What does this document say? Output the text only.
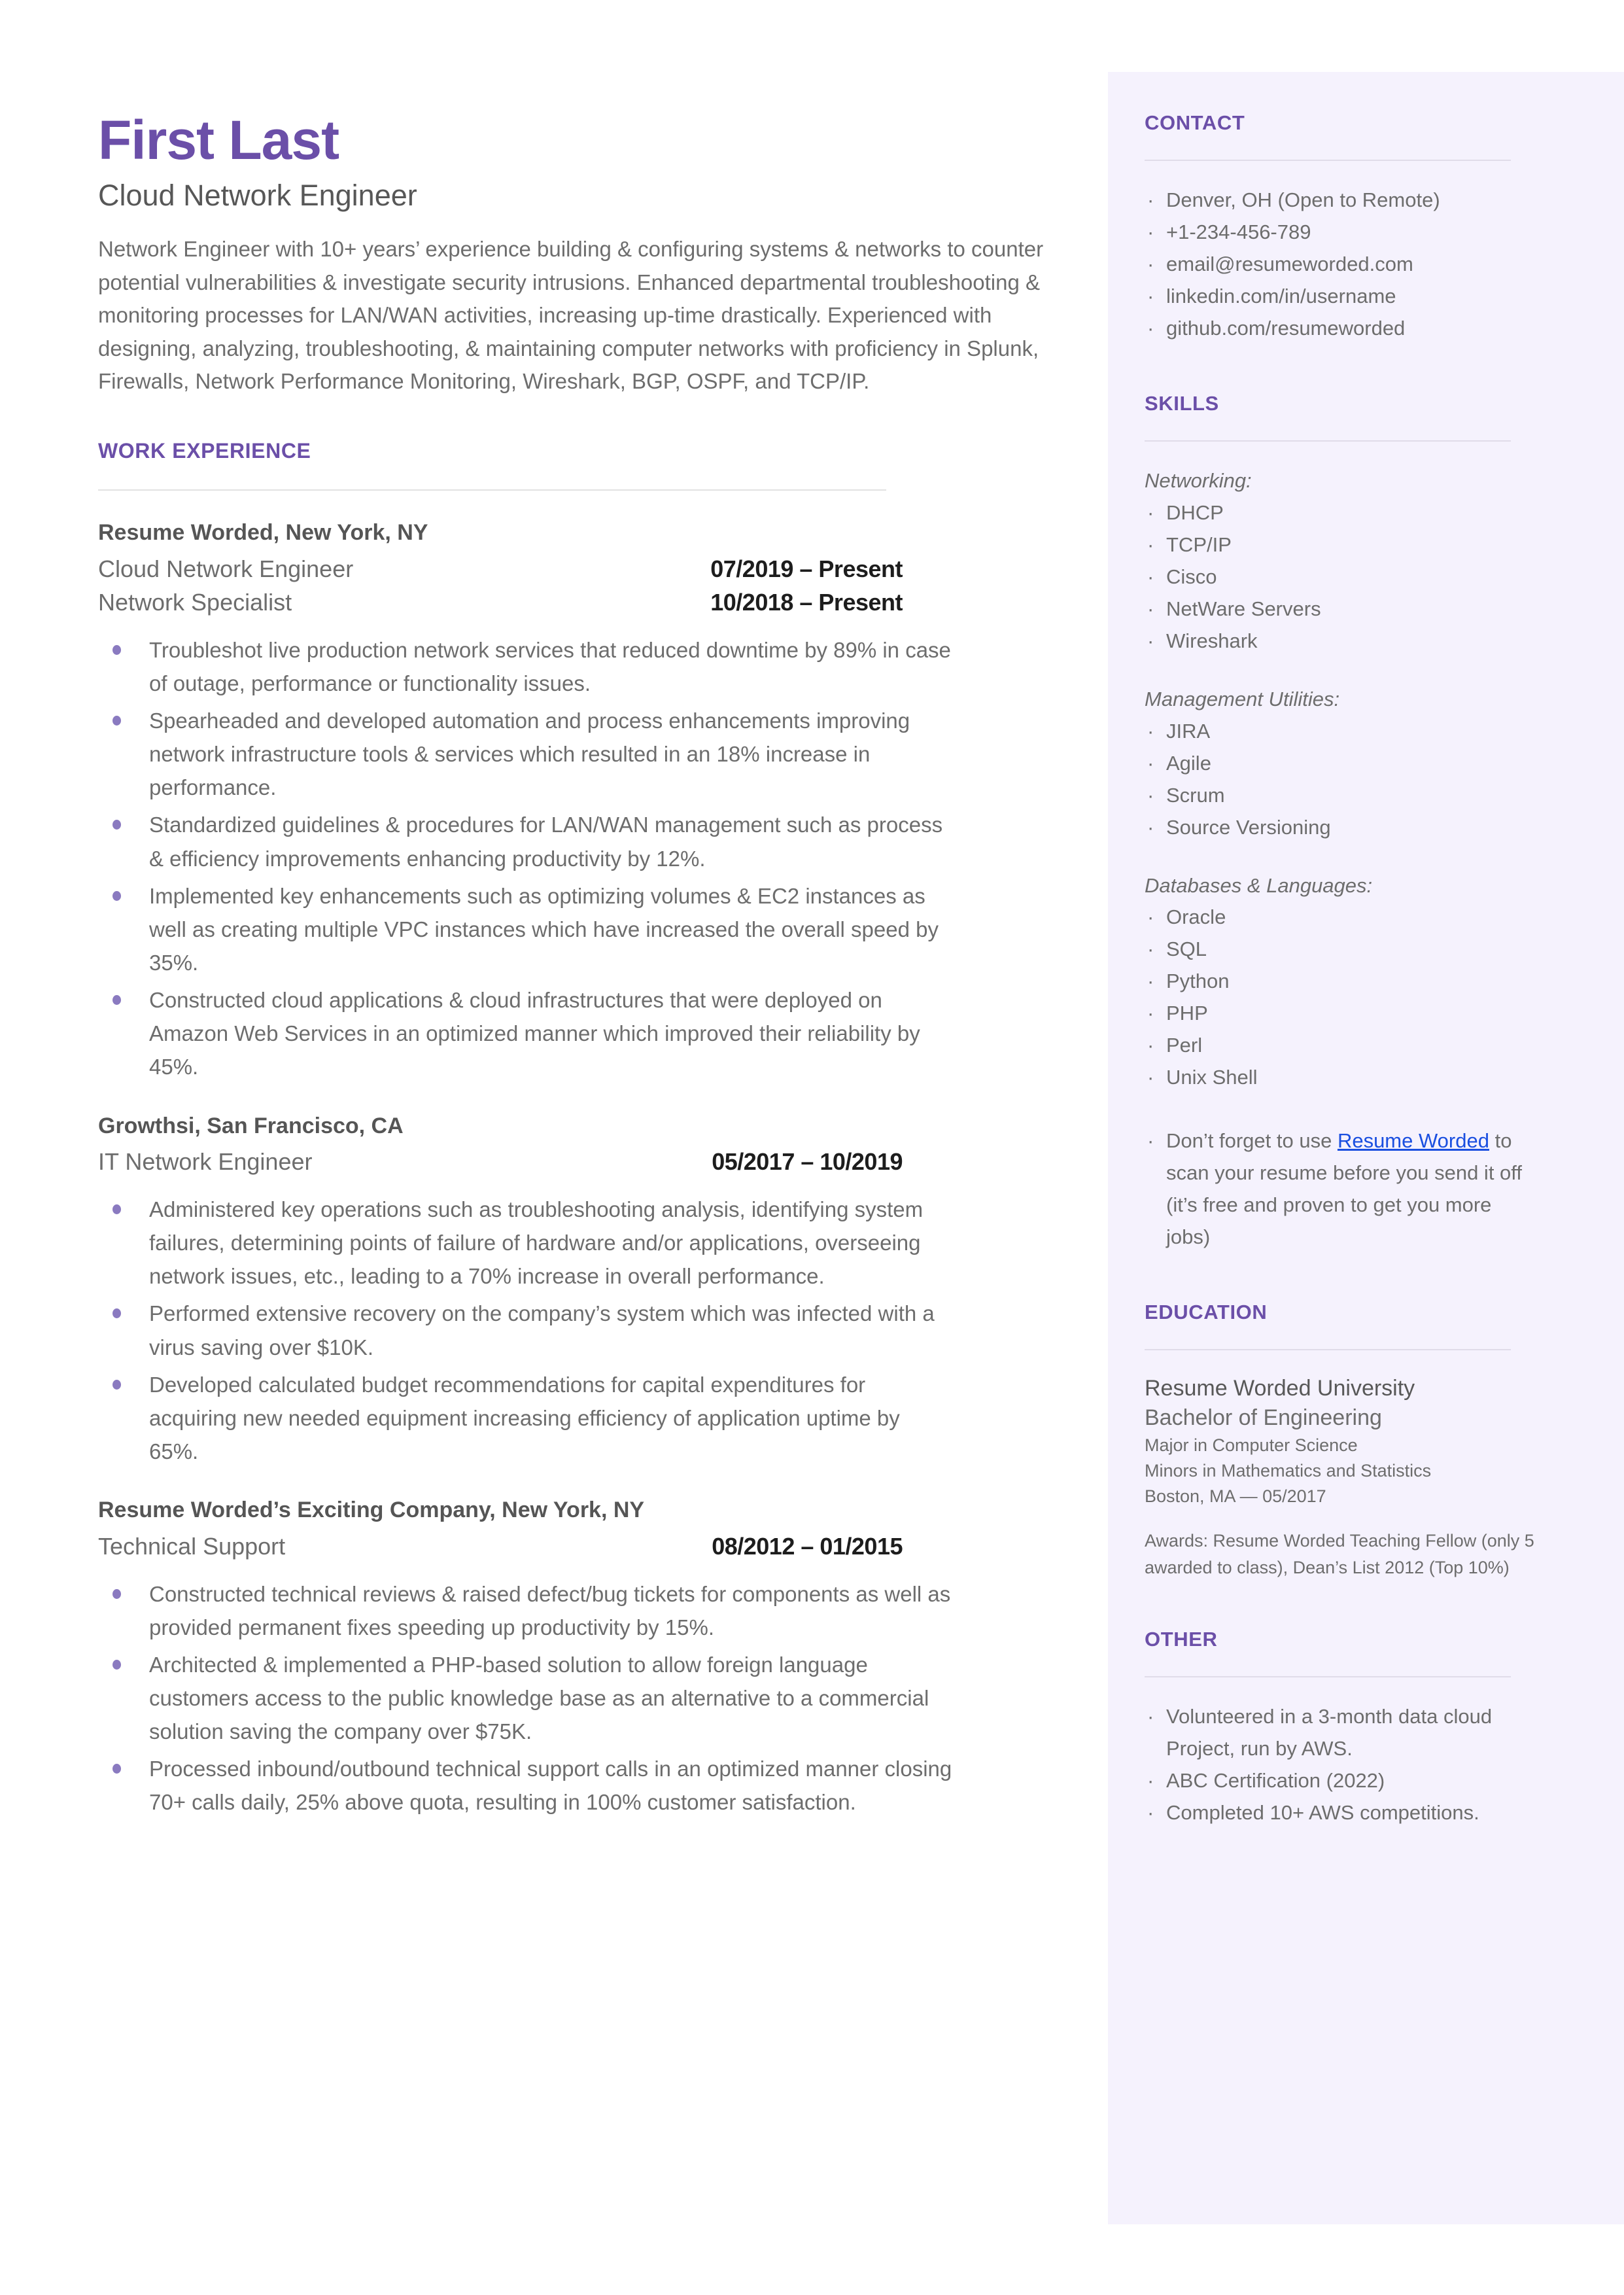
First Last
Cloud Network Engineer

Network Engineer with 10+ years’ experience building & configuring systems & networks to counter potential vulnerabilities & investigate security intrusions. Enhanced departmental troubleshooting & monitoring processes for LAN/WAN activities, increasing up-time drastically. Experienced with designing, analyzing, troubleshooting, & maintaining computer networks with proficiency in Splunk, Firewalls, Network Performance Monitoring, Wireshark, BGP, OSPF, and TCP/IP.

WORK EXPERIENCE
Resume Worded, New York, NY
Cloud Network Engineer	07/2019 – Present
Network Specialist	10/2018 – Present
Troubleshot live production network services that reduced downtime by 89% in case of outage, performance or functionality issues.
Spearheaded and developed automation and process enhancements improving network infrastructure tools & services which resulted in an 18% increase in performance.
Standardized guidelines & procedures for LAN/WAN management such as process & efficiency improvements enhancing productivity by 12%.
Implemented key enhancements such as optimizing volumes & EC2 instances as well as creating multiple VPC instances which have increased the overall speed by 35%.
Constructed cloud applications & cloud infrastructures that were deployed on Amazon Web Services in an optimized manner which improved their reliability by 45%.
Growthsi, San Francisco, CA
IT Network Engineer	05/2017 – 10/2019
Administered key operations such as troubleshooting analysis, identifying system failures, determining points of failure of hardware and/or applications, overseeing network issues, etc., leading to a 70% increase in overall performance.
Performed extensive recovery on the company’s system which was infected with a virus saving over $10K.
Developed calculated budget recommendations for capital expenditures for acquiring new needed equipment increasing efficiency of application uptime by 65%.
Resume Worded’s Exciting Company, New York, NY
Technical Support	08/2012 – 01/2015
Constructed technical reviews & raised defect/bug tickets for components as well as provided permanent fixes speeding up productivity by 15%.
Architected & implemented a PHP-based solution to allow foreign language customers access to the public knowledge base as an alternative to a commercial solution saving the company over $75K.
Processed inbound/outbound technical support calls in an optimized manner closing 70+ calls daily, 25% above quota, resulting in 100% customer satisfaction.
CONTACT
· Denver, OH (Open to Remote)
· +1-234-456-789
· email@resumeworded.com
· linkedin.com/in/username
· github.com/resumeworded
SKILLS
Networking:
· DHCP
· TCP/IP
· Cisco
· NetWare Servers
· Wireshark
Management Utilities:
· JIRA
· Agile
· Scrum
· Source Versioning
Databases & Languages:
· Oracle
· SQL
· Python
· PHP
· Perl
· Unix Shell
· Don’t forget to use Resume Worded to scan your resume before you send it off (it’s free and proven to get you more jobs)
EDUCATION
Resume Worded University
Bachelor of Engineering
Major in Computer Science
Minors in Mathematics and Statistics
Boston, MA — 05/2017
Awards: Resume Worded Teaching Fellow (only 5 awarded to class), Dean’s List 2012 (Top 10%)
OTHER
· Volunteered in a 3-month data cloud Project, run by AWS.
· ABC Certification (2022)
· Completed 10+ AWS competitions.
